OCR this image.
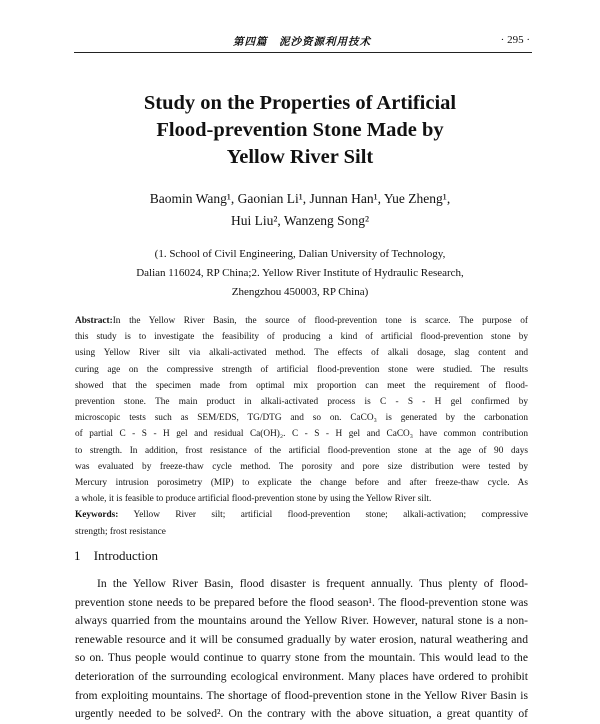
第四篇　泥沙资源利用技术	· 295 ·
Study on the Properties of Artificial
Flood-prevention Stone Made by
Yellow River Silt
Baomin Wang¹, Gaonian Li¹, Junnan Han¹, Yue Zheng¹,
Hui Liu², Wanzeng Song²
(1. School of Civil Engineering, Dalian University of Technology,
Dalian 116024, RP China;2. Yellow River Institute of Hydraulic Research,
Zhengzhou 450003, RP China)
Abstract:In the Yellow River Basin, the source of flood-prevention tone is scarce. The purpose of
this study is to investigate the feasibility of producing a kind of artificial flood-prevention stone by
using Yellow River silt via alkali-activated method. The effects of alkali dosage, slag content and
curing age on the compressive strength of artificial flood-prevention stone were studied. The results
showed that the specimen made from optimal mix proportion can meet the requirement of flood-
prevention stone. The main product in alkali-activated process is C - S - H gel confirmed by
microscopic tests such as SEM/EDS, TG/DTG and so on. CaCO₃ is generated by the carbonation
of partial C - S - H gel and residual Ca(OH)₂. C - S - H gel and CaCO₃ have common contribution
to strength. In addition, frost resistance of the artificial flood-prevention stone at the age of 90 days
was evaluated by freeze-thaw cycle method. The porosity and pore size distribution were tested by
Mercury intrusion porosimetry (MIP) to explicate the change before and after freeze-thaw cycle. As
a whole, it is feasible to produce artificial flood-prevention stone by using the Yellow River silt.
Keywords: Yellow River silt; artificial flood-prevention stone; alkali-activation; compressive
strength; frost resistance
1 Introduction
In the Yellow River Basin, flood disaster is frequent annually. Thus plenty of flood-
prevention stone needs to be prepared before the flood season¹. The flood-prevention stone was
always quarried from the mountains around the Yellow River. However, natural stone is a non-
renewable resource and it will be consumed gradually by water erosion, natural weathering and
so on. Thus people would continue to quarry stone from the mountain. This would lead to the
deterioration of the surrounding ecological environment. Many places have ordered to prohibit
from exploiting mountains. The shortage of flood-prevention stone in the Yellow River Basin is
urgently needed to be solved². On the contrary with the above situation, a great quantity of
